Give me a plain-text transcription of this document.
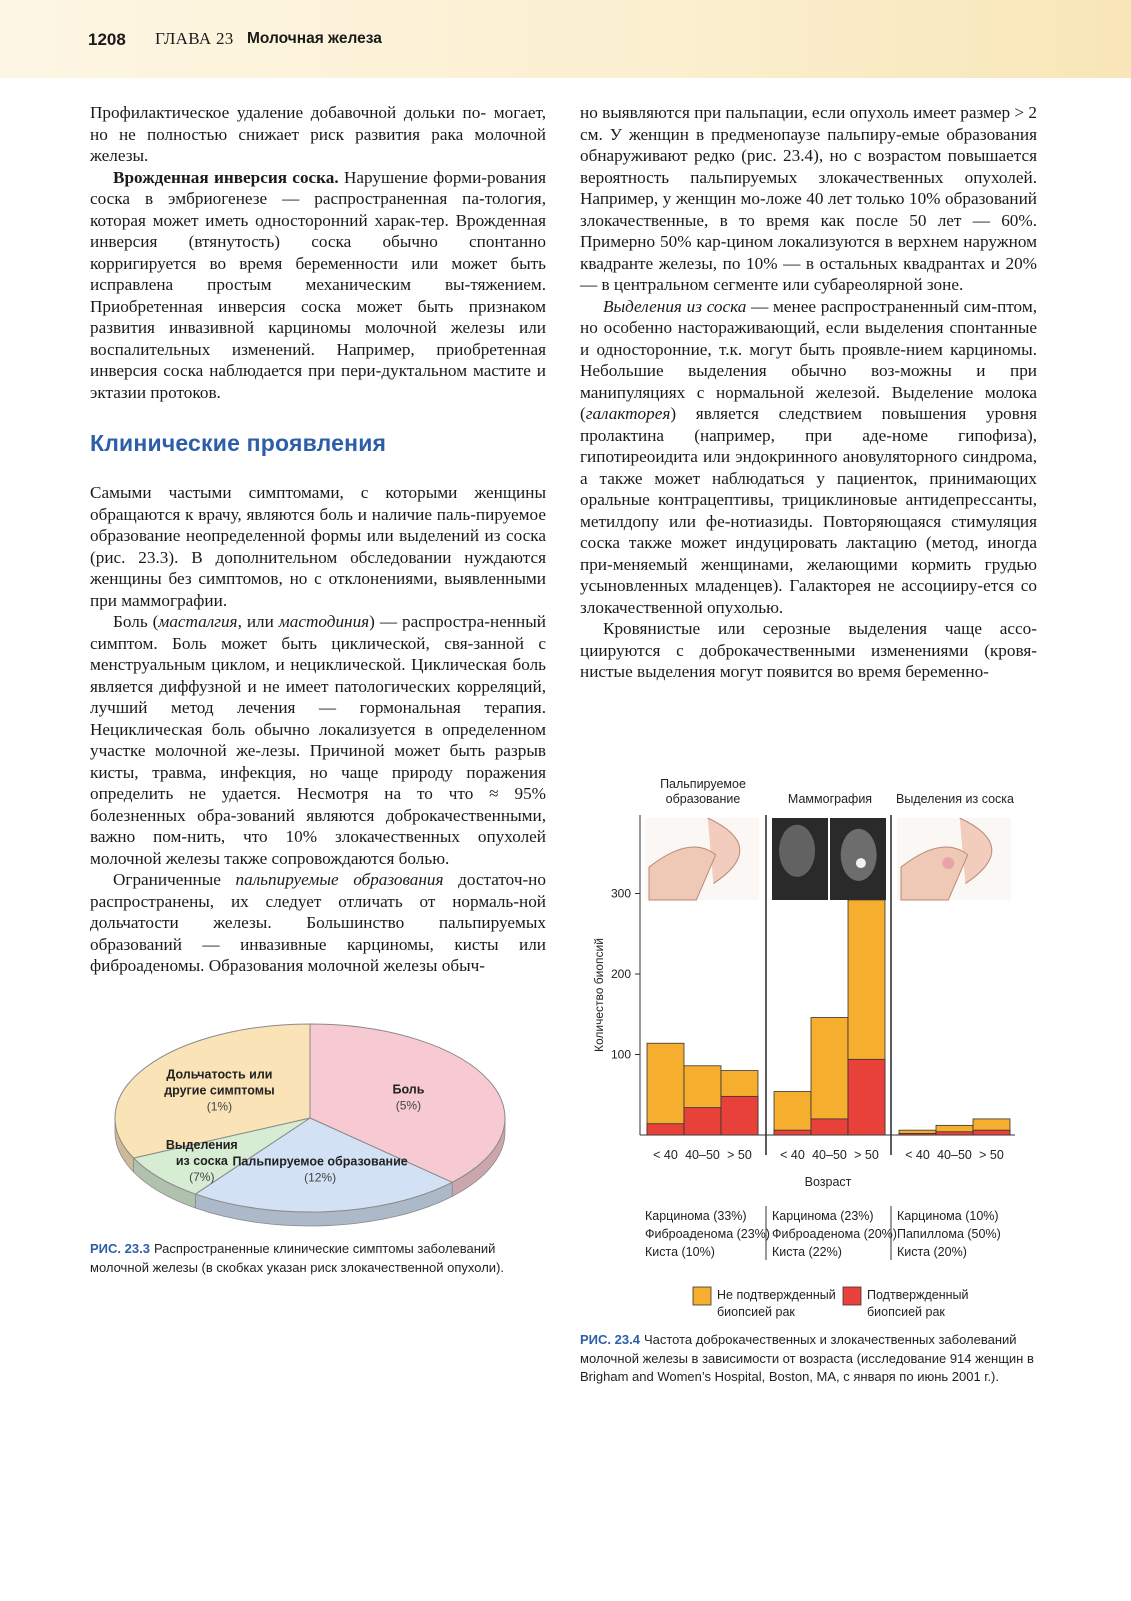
1208 ГЛАВА 23 Молочная железа

Профилактическое удаление добавочной дольки по- могает, но не полностью снижает риск развития рака молочной железы.

Врожденная инверсия соска. Нарушение форми-рования соска в эмбриогенезе — распространенная па-тология, которая может иметь односторонний харак-тер. Врожденная инверсия (втянутость) соска обычно спонтанно корригируется во время беременности или может быть исправлена простым механическим вы-тяжением. Приобретенная инверсия соска может быть признаком развития инвазивной карциномы молочной железы или воспалительных изменений. Например, приобретенная инверсия соска наблюдается при пери-дуктальном мастите и эктазии протоков.

Клинические проявления

Самыми частыми симптомами, с которыми женщины обращаются к врачу, являются боль и наличие паль-пируемое образование неопределенной формы или выделений из соска (рис. 23.3). В дополнительном обследовании нуждаются женщины без симптомов, но с отклонениями, выявленными при маммографии.

Боль (масталгия, или мастодиния) — распростра-ненный симптом. Боль может быть циклической, свя-занной с менструальным циклом, и нециклической. Циклическая боль является диффузной и не имеет патологических корреляций, лучший метод лечения — гормональная терапия. Нециклическая боль обычно локализуется в определенном участке молочной же-лезы. Причиной может быть разрыв кисты, травма, инфекция, но чаще природу поражения определить не удается. Несмотря на то что ≈ 95% болезненных обра-зований являются доброкачественными, важно пом-нить, что 10% злокачественных опухолей молочной железы также сопровождаются болью.

Ограниченные пальпируемые образования достаточ-но распространены, их следует отличать от нормаль-ной дольчатости железы. Большинство пальпируемых образований — инвазивные карциномы, кисты или фиброаденомы. Образования молочной железы обыч-

но выявляются при пальпации, если опухоль имеет размер > 2 см. У женщин в предменопаузе пальпиру-емые образования обнаруживают редко (рис. 23.4), но с возрастом повышается вероятность пальпируемых злокачественных опухолей. Например, у женщин мо-ложе 40 лет только 10% образований злокачественные, в то время как после 50 лет — 60%. Примерно 50% кар-цином локализуются в верхнем наружном квадранте железы, по 10% — в остальных квадрантах и 20% — в центральном сегменте или субареолярной зоне.

Выделения из соска — менее распространенный сим-птом, но особенно настораживающий, если выделения спонтанные и односторонние, т.к. могут быть проявле-нием карциномы. Небольшие выделения обычно воз-можны и при манипуляциях с нормальной железой. Выделение молока (галакторея) является следствием повышения уровня пролактина (например, при аде-номе гипофиза), гипотиреоидита или эндокринного ановуляторного синдрома, а также может наблюдаться у пациенток, принимающих оральные контрацептивы, трициклиновые антидепрессанты, метилдопу или фе-нотиазиды. Повторяющаяся стимуляция соска также может индуцировать лактацию (метод, иногда при-меняемый женщинами, желающими кормить грудью усыновленных младенцев). Галакторея не ассоцииру-ется со злокачественной опухолью.

Кровянистые или серозные выделения чаще ассо-циируются с доброкачественными изменениями (кровя-нистые выделения могут появится во время беременно-

Боль
(5%)
Пальпируемое образование
(12%)
Выделения
из соска
(7%)
Дольчатость или
другие симптомы
(1%)
РИС. 23.3 Распространенные клинические симптомы заболеваний молочной железы (в скобках указан риск злокачественной опухоли).
100
200
300
Количество биопсий
Пальпируемое
образование
< 40 40–50 > 50
Карцинома (33%)
Фиброаденома (23%)
Киста (10%)
Маммография
< 40 40–50 > 50
Карцинома (23%)
Фиброаденома (20%)
Киста (22%)
Выделения из соска
< 40 40–50 > 50
Карцинома (10%)
Папиллома (50%)
Киста (20%)
Возраст
Не подтвержденный
биопсией рак
Подтвержденный
биопсией рак
РИС. 23.4 Частота доброкачественных и злокачественных заболеваний молочной железы в зависимости от возраста (исследование 914 женщин в Brigham and Women’s Hospital, Boston, MA, с января по июнь 2001 г.).
